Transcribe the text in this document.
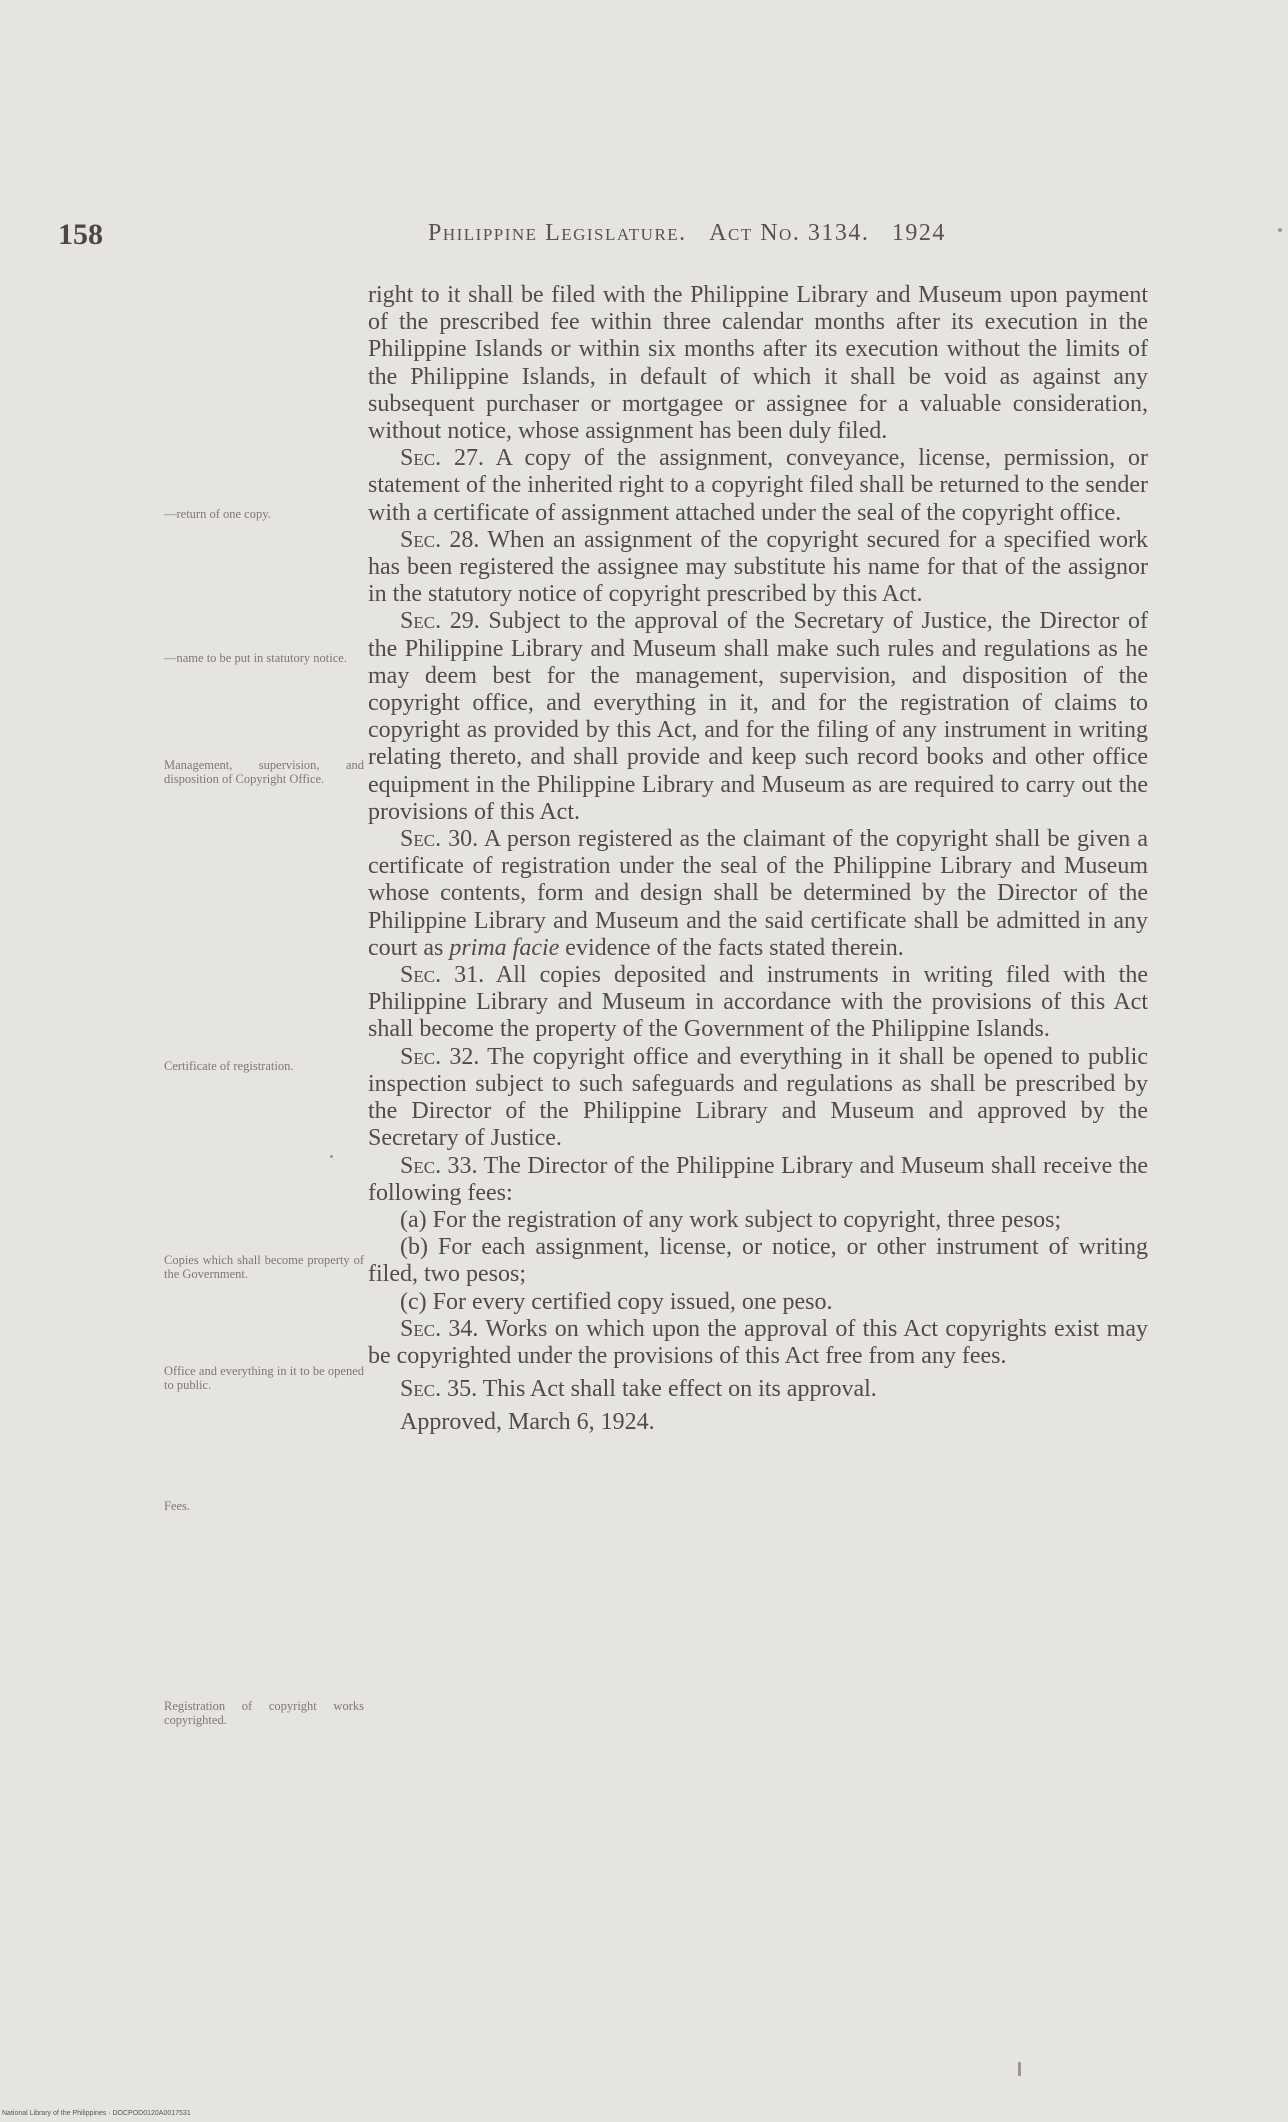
158	Philippine Legislature. Act No. 3134. 1924
—return of one copy.
—name to be put in statutory notice.
Management, supervision, and disposition of Copyright Office.
Certificate of registration.
Copies which shall become property of the Government.
Office and everything in it to be opened to public.
Fees.
Registration of copyright works copyrighted.

right to it shall be filed with the Philippine Library and Museum upon payment of the prescribed fee within three calendar months after its execution in the Philippine Islands or within six months after its execution without the limits of the Philippine Islands, in default of which it shall be void as against any subsequent purchaser or mortgagee or assignee for a valuable consideration, without notice, whose assignment has been duly filed.

Sec. 27. A copy of the assignment, conveyance, license, permission, or statement of the inherited right to a copyright filed shall be returned to the sender with a certificate of assignment attached under the seal of the copyright office.

Sec. 28. When an assignment of the copyright secured for a specified work has been registered the assignee may substitute his name for that of the assignor in the statutory notice of copyright prescribed by this Act.

Sec. 29. Subject to the approval of the Secretary of Justice, the Director of the Philippine Library and Museum shall make such rules and regulations as he may deem best for the management, supervision, and disposition of the copyright office, and everything in it, and for the registration of claims to copyright as provided by this Act, and for the filing of any instrument in writing relating thereto, and shall provide and keep such record books and other office equipment in the Philippine Library and Museum as are required to carry out the provisions of this Act.

Sec. 30. A person registered as the claimant of the copyright shall be given a certificate of registration under the seal of the Philippine Library and Museum whose contents, form and design shall be determined by the Director of the Philippine Library and Museum and the said certificate shall be admitted in any court as prima facie evidence of the facts stated therein.

Sec. 31. All copies deposited and instruments in writing filed with the Philippine Library and Museum in accordance with the provisions of this Act shall become the property of the Government of the Philippine Islands.

Sec. 32. The copyright office and everything in it shall be opened to public inspection subject to such safeguards and regulations as shall be prescribed by the Director of the Philippine Library and Museum and approved by the Secretary of Justice.

Sec. 33. The Director of the Philippine Library and Museum shall receive the following fees:

(a) For the registration of any work subject to copyright, three pesos;

(b) For each assignment, license, or notice, or other instrument of writing filed, two pesos;

(c) For every certified copy issued, one peso.

Sec. 34. Works on which upon the approval of this Act copyrights exist may be copyrighted under the provisions of this Act free from any fees.

Sec. 35. This Act shall take effect on its approval.

Approved, March 6, 1924.

National Library of the Philippines · DOCPOD0120A0017531
